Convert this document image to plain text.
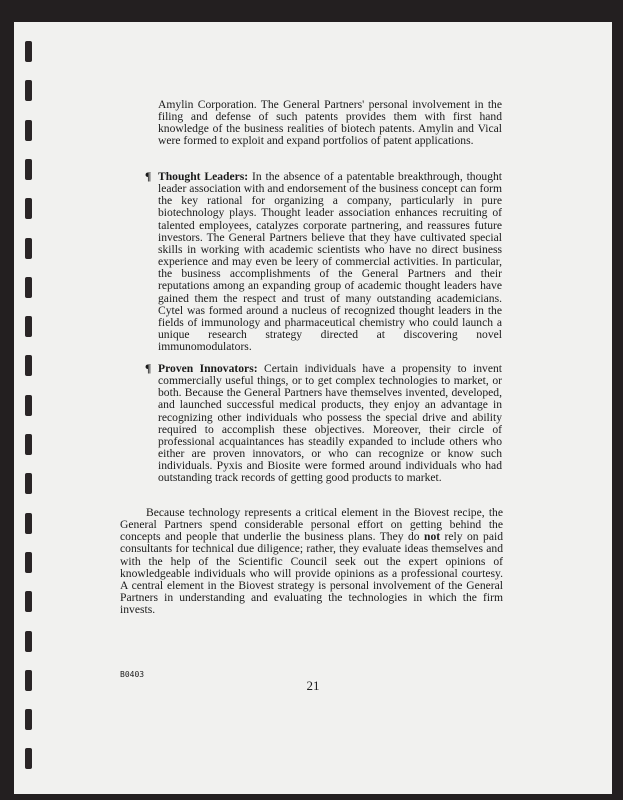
Amylin Corporation. The General Partners' personal involvement in the filing and defense of such patents provides them with first hand knowledge of the business realities of biotech patents. Amylin and Vical were formed to exploit and expand portfolios of patent applications.
¶ Thought Leaders: In the absence of a patentable breakthrough, thought leader association with and endorsement of the business concept can form the key rational for organizing a company, particularly in pure biotechnology plays. Thought leader association enhances recruiting of talented employees, catalyzes corporate partnering, and reassures future investors. The General Partners believe that they have cultivated special skills in working with academic scientists who have no direct business experience and may even be leery of commercial activities. In particular, the business accomplishments of the General Partners and their reputations among an expanding group of academic thought leaders have gained them the respect and trust of many outstanding academicians. Cytel was formed around a nucleus of recognized thought leaders in the fields of immunology and pharmaceutical chemistry who could launch a unique research strategy directed at discovering novel immunomodulators.
¶ Proven Innovators: Certain individuals have a propensity to invent commercially useful things, or to get complex technologies to market, or both. Because the General Partners have themselves invented, developed, and launched successful medical products, they enjoy an advantage in recognizing other individuals who possess the special drive and ability required to accomplish these objectives. Moreover, their circle of professional acquaintances has steadily expanded to include others who either are proven innovators, or who can recognize or know such individuals. Pyxis and Biosite were formed around individuals who had outstanding track records of getting good products to market.
Because technology represents a critical element in the Biovest recipe, the General Partners spend considerable personal effort on getting behind the concepts and people that underlie the business plans. They do not rely on paid consultants for technical due diligence; rather, they evaluate ideas themselves and with the help of the Scientific Council seek out the expert opinions of knowledgeable individuals who will provide opinions as a professional courtesy. A central element in the Biovest strategy is personal involvement of the General Partners in understanding and evaluating the technologies in which the firm invests.
B0403
21
